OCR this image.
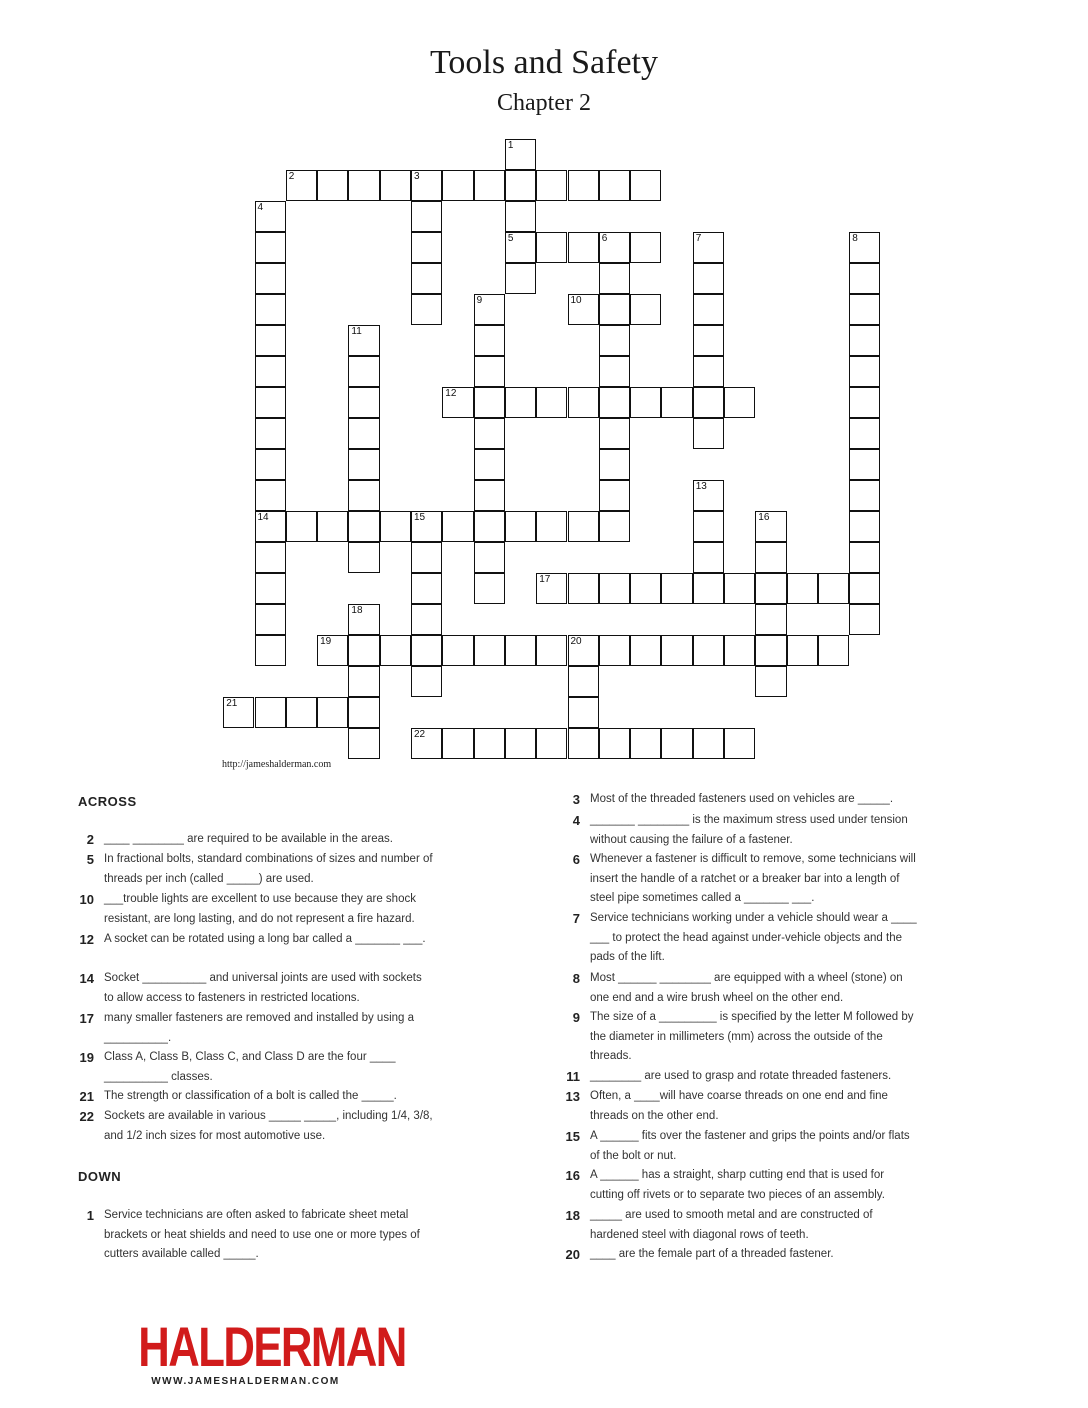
Tools and Safety
Chapter 2
1
2	3
4
5	6	7	8
9	10
11
12
13
14	15	16
17
18
19	20
21
22
http://jameshalderman.com
ACROSS
DOWN
2 ____ ________ are required to be available in the areas.
5 In fractional bolts, standard combinations of sizes and number of threads per inch (called _____) are used.
10 ___trouble lights are excellent to use because they are shock resistant, are long lasting, and do not represent a fire hazard.
12 A socket can be rotated using a long bar called a _______ ___.
14 Socket __________ and universal joints are used with sockets to allow access to fasteners in restricted locations.
17 many smaller fasteners are removed and installed by using a __________.
19 Class A, Class B, Class C, and Class D are the four ____ __________ classes.
21 The strength or classification of a bolt is called the _____.
22 Sockets are available in various _____ _____, including 1/4, 3/8, and 1/2 inch sizes for most automotive use.
1 Service technicians are often asked to fabricate sheet metal brackets or heat shields and need to use one or more types of cutters available called _____.
3 Most of the threaded fasteners used on vehicles are _____.
4 _______ ________ is the maximum stress used under tension without causing the failure of a fastener.
6 Whenever a fastener is difficult to remove, some technicians will insert the handle of a ratchet or a breaker bar into a length of steel pipe sometimes called a _______ ___.
7 Service technicians working under a vehicle should wear a ____ ___ to protect the head against under-vehicle objects and the pads of the lift.
8 Most ______ ________ are equipped with a wheel (stone) on one end and a wire brush wheel on the other end.
9 The size of a _________ is specified by the letter M followed by the diameter in millimeters (mm) across the outside of the threads.
11 ________ are used to grasp and rotate threaded fasteners.
13 Often, a ____will have coarse threads on one end and fine threads on the other end.
15 A ______ fits over the fastener and grips the points and/or flats of the bolt or nut.
16 A ______ has a straight, sharp cutting end that is used for cutting off rivets or to separate two pieces of an assembly.
18 _____ are used to smooth metal and are constructed of hardened steel with diagonal rows of teeth.
20 ____ are the female part of a threaded fastener.
HALDERMAN
WWW.JAMESHALDERMAN.COM
